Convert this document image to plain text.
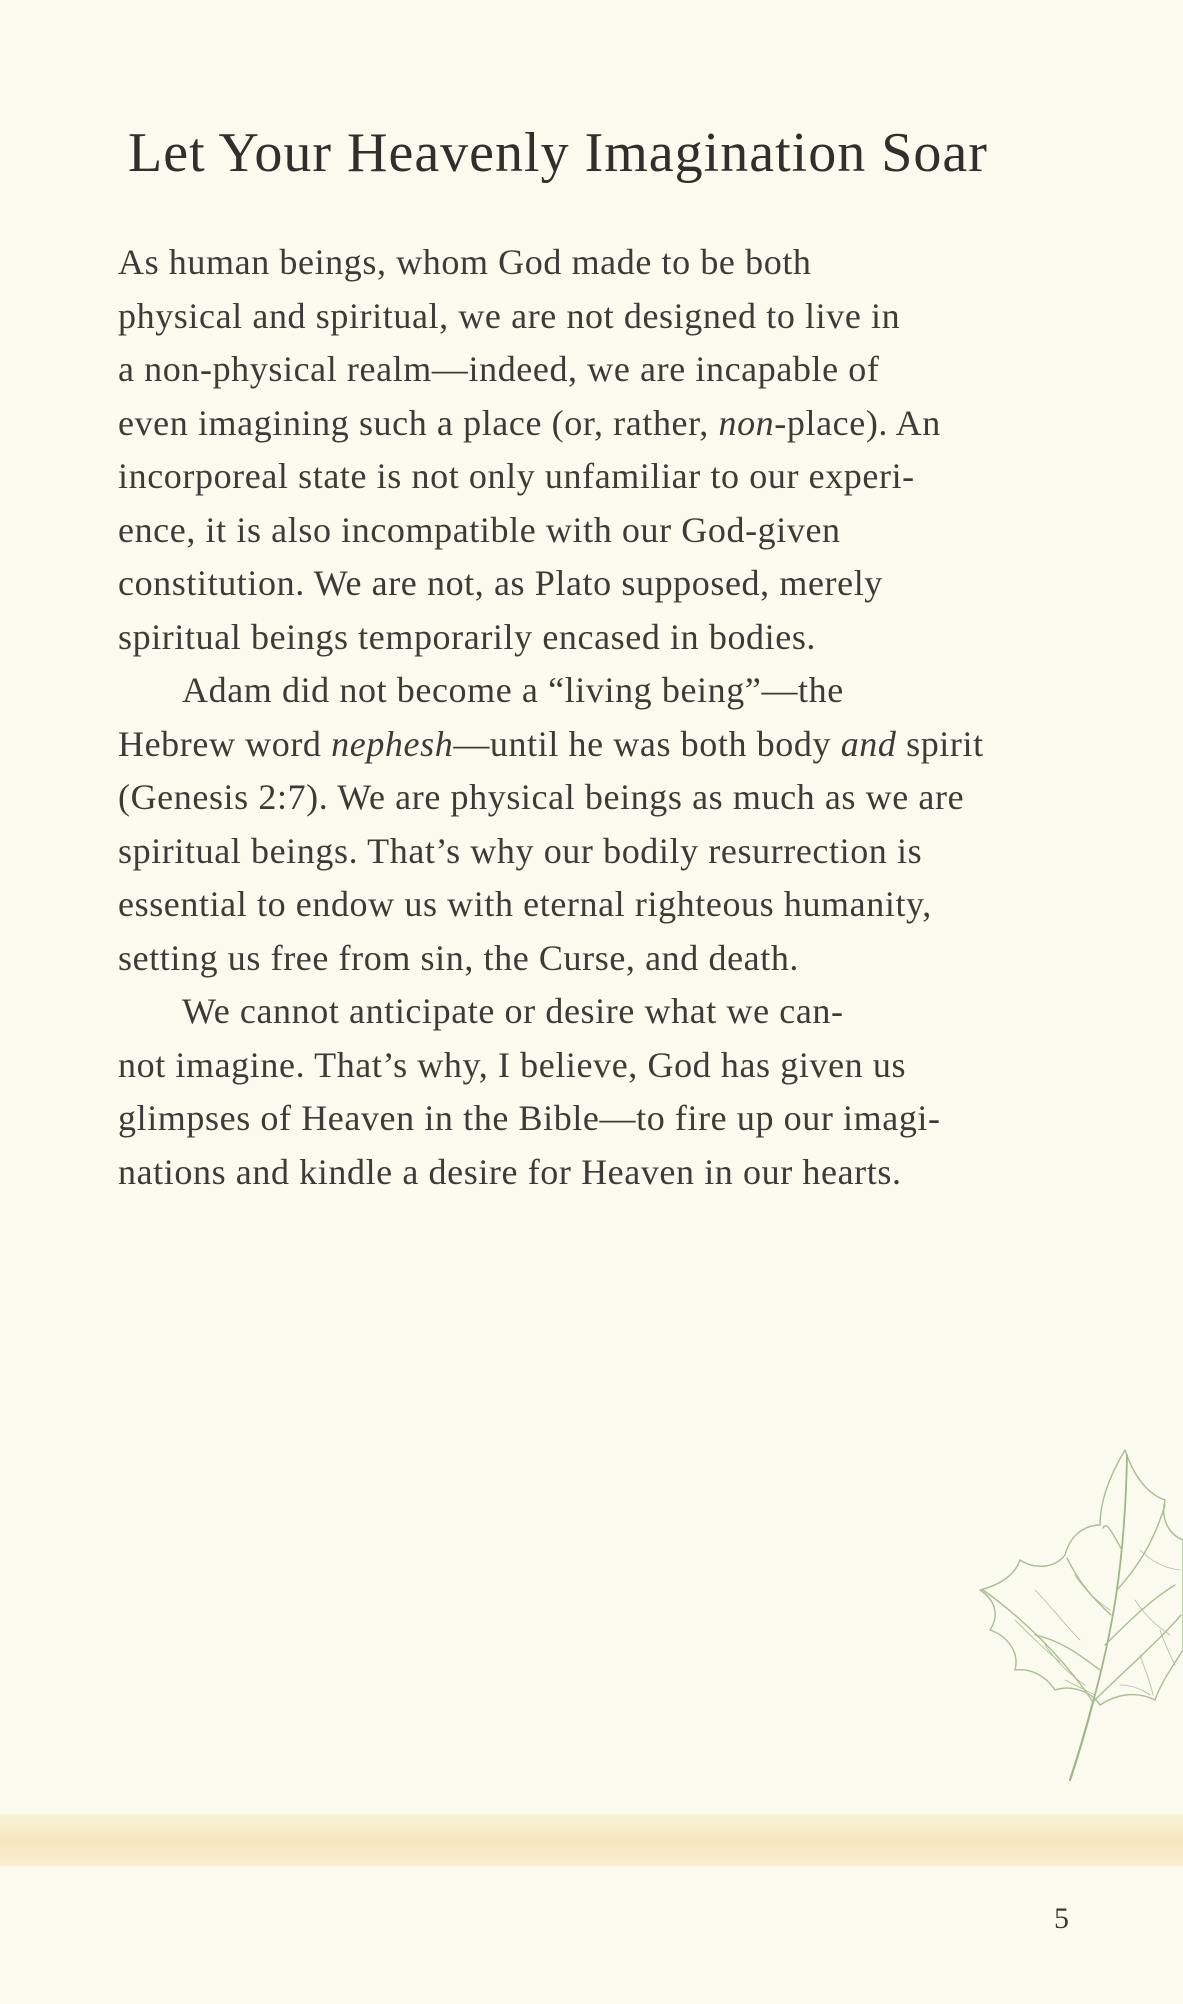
Let Your Heavenly Imagination Soar
As human beings, whom God made to be both
physical and spiritual, we are not designed to live in
a non-physical realm—indeed, we are incapable of
even imagining such a place (or, rather, non-place). An
incorporeal state is not only unfamiliar to our experi-
ence, it is also incompatible with our God-given
constitution. We are not, as Plato supposed, merely
spiritual beings temporarily encased in bodies.
Adam did not become a “living being”—the
Hebrew word nephesh—until he was both body and spirit
(Genesis 2:7). We are physical beings as much as we are
spiritual beings. That’s why our bodily resurrection is
essential to endow us with eternal righteous humanity,
setting us free from sin, the Curse, and death.
We cannot anticipate or desire what we can-
not imagine. That’s why, I believe, God has given us
glimpses of Heaven in the Bible—to fire up our imagi-
nations and kindle a desire for Heaven in our hearts.
5
